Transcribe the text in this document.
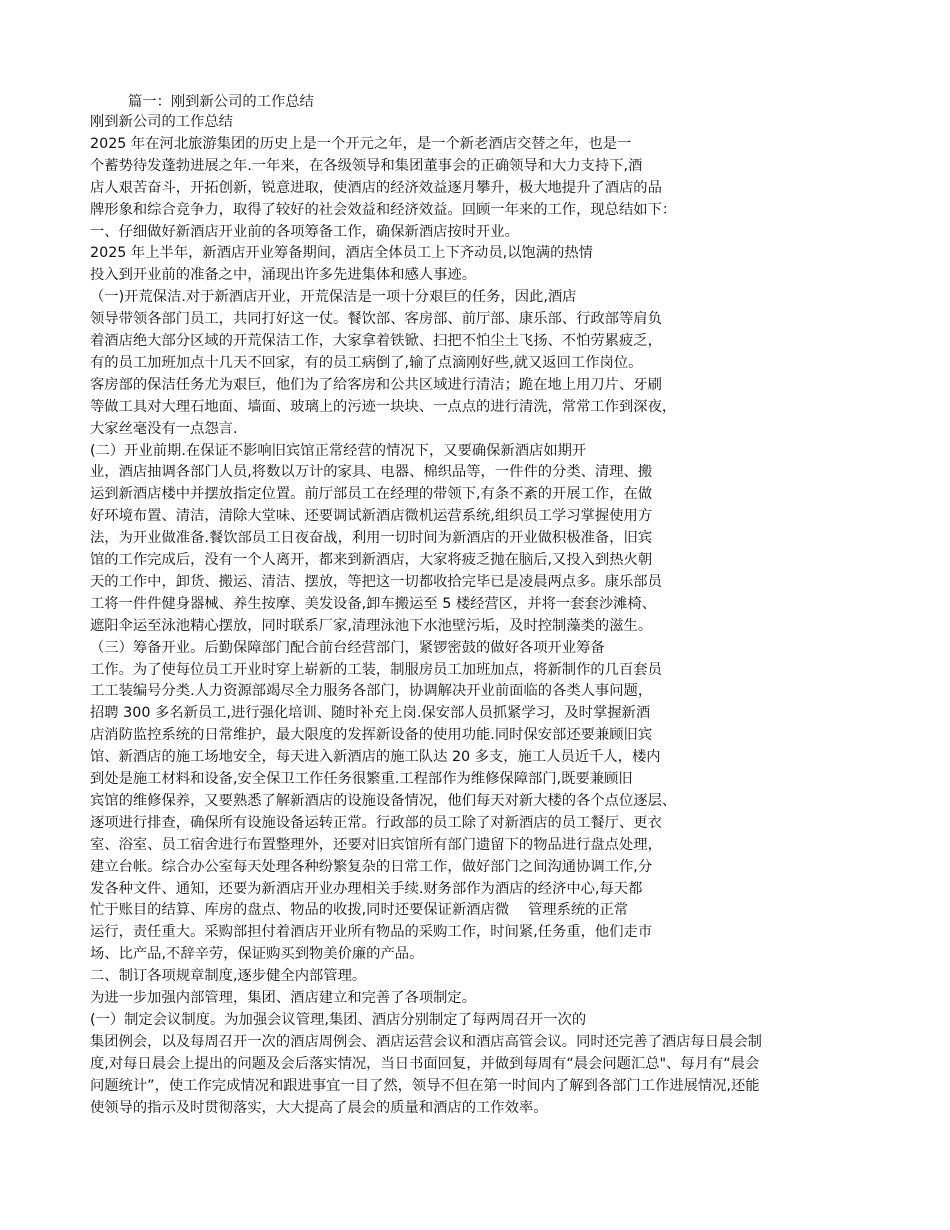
篇一：刚到新公司的工作总结
刚到新公司的工作总结
2025 年在河北旅游集团的历史上是一个开元之年，是一个新老酒店交替之年，也是一
个蓄势待发蓬勃进展之年.一年来，在各级领导和集团董事会的正确领导和大力支持下,酒
店人艰苦奋斗，开拓创新，锐意进取，使酒店的经济效益逐月攀升，极大地提升了酒店的品
牌形象和综合竞争力，取得了较好的社会效益和经济效益。回顾一年来的工作，现总结如下：
一、仔细做好新酒店开业前的各项筹备工作，确保新酒店按时开业。
2025 年上半年，新酒店开业筹备期间，酒店全体员工上下齐动员,以饱满的热情
投入到开业前的准备之中，涌现出许多先进集体和感人事迹。
（一)开荒保洁.对于新酒店开业，开荒保洁是一项十分艰巨的任务，因此,酒店
领导带领各部门员工，共同打好这一仗。餐饮部、客房部、前厅部、康乐部、行政部等肩负
着酒店绝大部分区域的开荒保洁工作，大家拿着铁锨、扫把不怕尘土飞扬、不怕劳累疲乏，
有的员工加班加点十几天不回家，有的员工病倒了,输了点滴刚好些,就又返回工作岗位。
客房部的保洁任务尤为艰巨，他们为了给客房和公共区域进行清洁；跪在地上用刀片、牙刷
等做工具对大理石地面、墙面、玻璃上的污迹一块块、一点点的进行清洗，常常工作到深夜，
大家丝毫没有一点怨言.
(二）开业前期.在保证不影响旧宾馆正常经营的情况下，又要确保新酒店如期开
业，酒店抽调各部门人员,将数以万计的家具、电器、棉织品等，一件件的分类、清理、搬
运到新酒店楼中并摆放指定位置。前厅部员工在经理的带领下,有条不紊的开展工作，在做
好环境布置、清洁，清除大堂味、还要调试新酒店微机运营系统,组织员工学习掌握使用方
法，为开业做准备.餐饮部员工日夜奋战，利用一切时间为新酒店的开业做积极准备，旧宾
馆的工作完成后，没有一个人离开，都来到新酒店，大家将疲乏抛在脑后,又投入到热火朝
天的工作中，卸货、搬运、清洁、摆放，等把这一切都收拾完毕已是凌晨两点多。康乐部员
工将一件件健身器械、养生按摩、美发设备,卸车搬运至 5 楼经营区，并将一套套沙滩椅、
遮阳伞运至泳池精心摆放，同时联系厂家,清理泳池下水池壁污垢，及时控制藻类的滋生。
（三）筹备开业。后勤保障部门配合前台经营部门，紧锣密鼓的做好各项开业筹备
工作。为了使每位员工开业时穿上崭新的工装，制服房员工加班加点，将新制作的几百套员
工工装编号分类.人力资源部竭尽全力服务各部门，协调解决开业前面临的各类人事问题，
招聘 300 多名新员工,进行强化培训、随时补充上岗.保安部人员抓紧学习，及时掌握新酒
店消防监控系统的日常维护，最大限度的发挥新设备的使用功能.同时保安部还要兼顾旧宾
馆、新酒店的施工场地安全，每天进入新酒店的施工队达 20 多支，施工人员近千人，楼内
到处是施工材料和设备,安全保卫工作任务很繁重.工程部作为维修保障部门,既要兼顾旧
宾馆的维修保养，又要熟悉了解新酒店的设施设备情况，他们每天对新大楼的各个点位逐层、
逐项进行排查，确保所有设施设备运转正常。行政部的员工除了对新酒店的员工餐厅、更衣
室、浴室、员工宿舍进行布置整理外，还要对旧宾馆所有部门遗留下的物品进行盘点处理，
建立台帐。综合办公室每天处理各种纷繁复杂的日常工作，做好部门之间沟通协调工作,分
发各种文件、通知，还要为新酒店开业办理相关手续.财务部作为酒店的经济中心,每天都
忙于账目的结算、库房的盘点、物品的收拨,同时还要保证新酒店微　 管理系统的正常
运行，责任重大。采购部担付着酒店开业所有物品的采购工作，时间紧,任务重，他们走市
场、比产品,不辞辛劳，保证购买到物美价廉的产品。
二、制订各项规章制度,逐步健全内部管理。
为进一步加强内部管理，集团、酒店建立和完善了各项制定。
(一）制定会议制度。为加强会议管理,集团、酒店分别制定了每两周召开一次的
集团例会，以及每周召开一次的酒店周例会、酒店运营会议和酒店高管会议。同时还完善了酒店每日晨会制
度,对每日晨会上提出的问题及会后落实情况，当日书面回复，并做到每周有“晨会问题汇总"、每月有“晨会
问题统计”，使工作完成情况和跟进事宜一目了然，领导不但在第一时间内了解到各部门工作进展情况,还能
使领导的指示及时贯彻落实，大大提高了晨会的质量和酒店的工作效率。
